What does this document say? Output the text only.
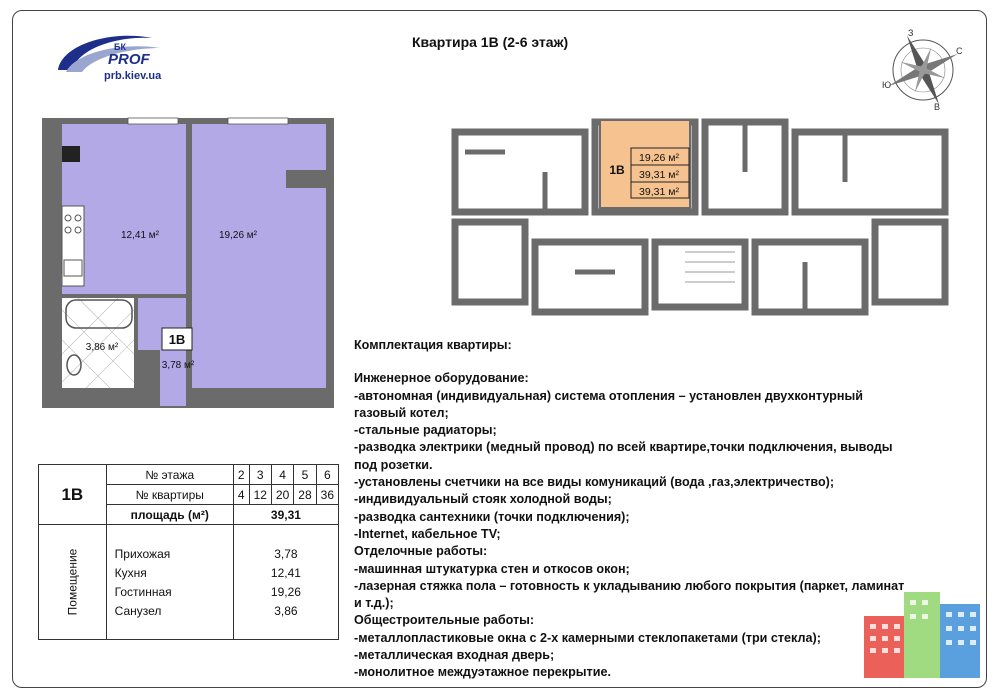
PROF
БК
prb.kiev.ua
Квартира 1В (2-6 этаж)
С
В
Ю
З
1В
12,41 м²	19,26 м²
3,86 м²
3,78 м²
1В
19,26 м²
39,31 м²
39,31 м²
1В	№ этажа	2	3	4	5	6
	№ квартиры	4	12	20	28	36
	площадь (м²)	39,31				
Помещение						
	Прихожая	3,78				
	Кухня	12,41				
	Гостинная	19,26				
	Санузел	3,86				

Комплектация квартиры:
Инженерное оборудование:
-автономная (индивидуальная) система отопления – установлен двухконтурный
газовый котел;
-стальные радиаторы;
-разводка электрики (медный провод) по всей квартире,точки подключения, выводы
под розетки.
-установлены счетчики на все виды комуникаций (вода ,газ,электричество);
-индивидуальный стояк холодной воды;
-разводка сантехники (точки подключения);
-Internet, кабельное TV;
Отделочные работы:
-машинная штукатурка стен и откосов окон;
-лазерная стяжка пола – готовность к укладыванию любого покрытия (паркет, ламинат
и т.д.);
Общестроительные работы:
-металлопластиковые окна с 2-х камерными стеклопакетами (три стекла);
-металлическая входная дверь;
-монолитное междуэтажное перекрытие.
